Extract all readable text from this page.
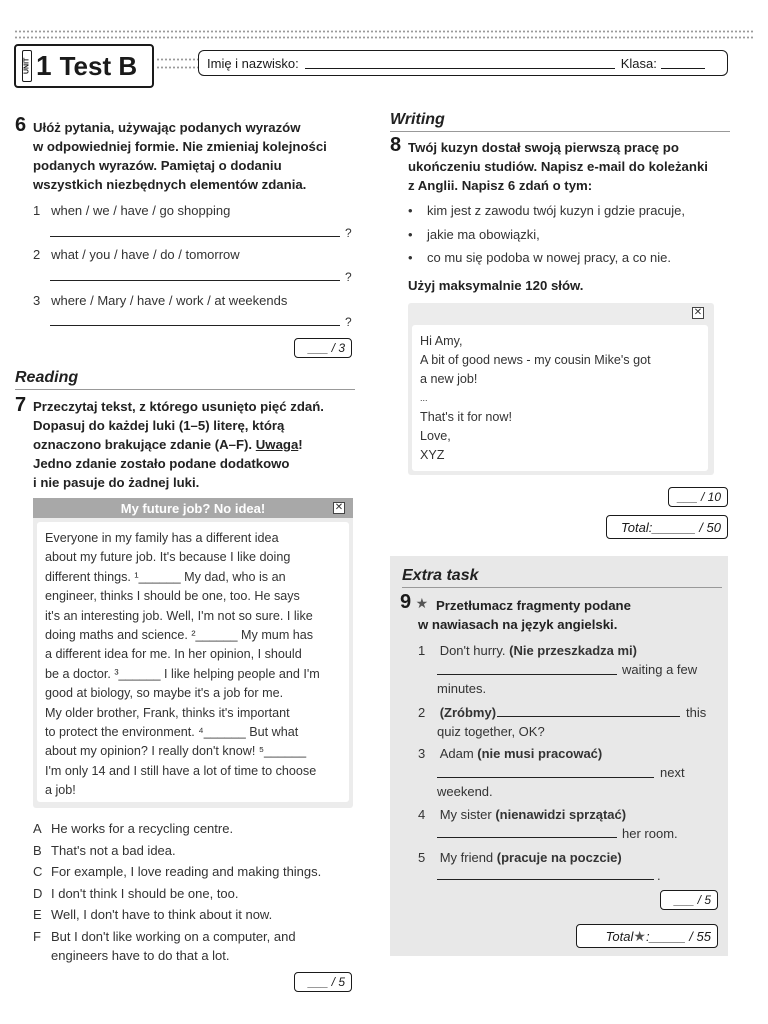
UNIT 1 Test B	Imię i nazwisko:	Klasa:
6 Ułóż pytania, używając podanych wyrazów
w odpowiedniej formie. Nie zmieniaj kolejności
podanych wyrazów. Pamiętaj o dodaniu
wszystkich niezbędnych elementów zdania.
1 when / we / have / go shopping
?
2 what / you / have / do / tomorrow
?
3 where / Mary / have / work / at weekends
?
___ / 3
Reading
7 Przeczytaj tekst, z którego usunięto pięć zdań.
Dopasuj do każdej luki (1–5) literę, którą
oznaczono brakujące zdanie (A–F). Uwaga!
Jedno zdanie zostało podane dodatkowo
i nie pasuje do żadnej luki.
My future job? No idea!	✕
Everyone in my family has a different idea
about my future job. It's because I like doing
different things. ¹______ My dad, who is an
engineer, thinks I should be one, too. He says
it's an interesting job. Well, I'm not so sure. I like
doing maths and science. ²______ My mum has
a different idea for me. In her opinion, I should
be a doctor. ³______ I like helping people and I'm
good at biology, so maybe it's a job for me.
My older brother, Frank, thinks it's important
to protect the environment. ⁴______ But what
about my opinion? I really don't know! ⁵______
I'm only 14 and I still have a lot of time to choose
a job!
A He works for a recycling centre.
B That's not a bad idea.
C For example, I love reading and making things.
D I don't think I should be one, too.
E Well, I don't have to think about it now.
F But I don't like working on a computer, and
engineers have to do that a lot.
___ / 5
Writing
8 Twój kuzyn dostał swoją pierwszą pracę po
ukończeniu studiów. Napisz e-mail do koleżanki
z Anglii. Napisz 6 zdań o tym:
•    kim jest z zawodu twój kuzyn i gdzie pracuje,
•    jakie ma obowiązki,
•    co mu się podoba w nowej pracy, a co nie.
Użyj maksymalnie 120 słów.
✕
Hi Amy,
A bit of good news - my cousin Mike's got
a new job!
...
That's it for now!
Love,
XYZ
___ / 10
Total:______ / 50
Extra task
9 ★ Przetłumacz fragmenty podane
w nawiasach na język angielski.
1 Don't hurry. (Nie przeszkadza mi)
waiting a few
minutes.
2 (Zróbmy)	this
quiz together, OK?
3 Adam (nie musi pracować)
next
weekend.
4 My sister (nienawidzi sprzątać)
her room.
5 My friend (pracuje na poczcie)
.
___ / 5
Total ★ :_____ / 55
